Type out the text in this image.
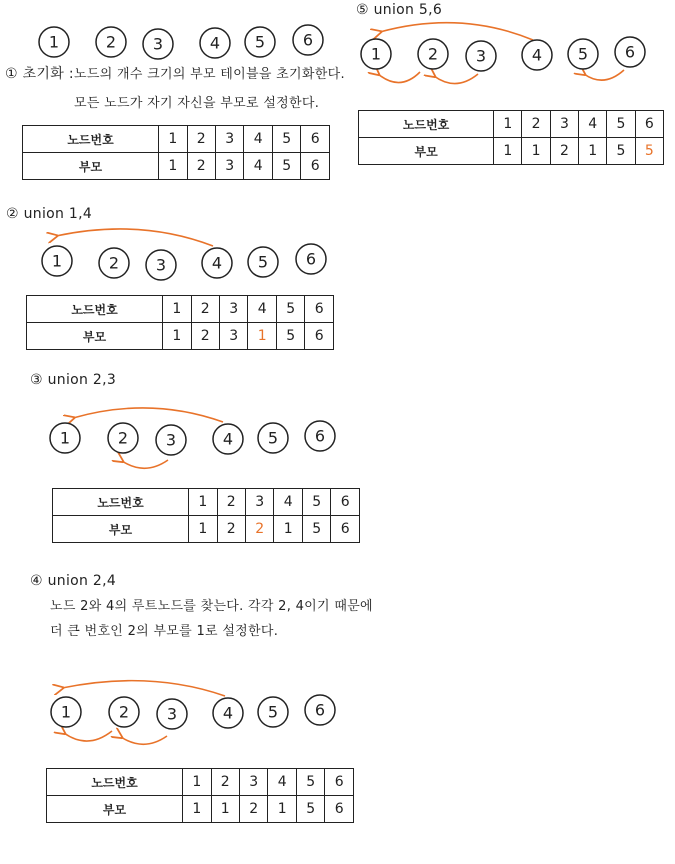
① 초기화 : 노드의 개수 크기의 부모 테이블을 초기화한다.
모든 노드가 자기 자신을 부모로 설정한다.
노드번호	1	2	3	4	5	6
부모	1	2	3	4	5	6
② union 1,4
노드번호	1	2	3	4	5	6
부모	1	2	3	1	5	6
③ union 2,3
노드번호	1	2	3	4	5	6
부모	1	2	2	1	5	6
④ union 2,4
노드 2와 4의 루트노드를 찾는다. 각각 2, 4이기 때문에
더 큰 번호인 2의 부모를 1로 설정한다.
노드번호	1	2	3	4	5	6
부모	1	1	2	1	5	6
⑤ union 5,6
노드번호	1	2	3	4	5	6
부모	1	1	2	1	5	5
1	2 3	4 5 6
1	2 3	4 5 6
1	2 3	4 5 6
1	2 3	4 5 6
1	2 3	4 5 6
